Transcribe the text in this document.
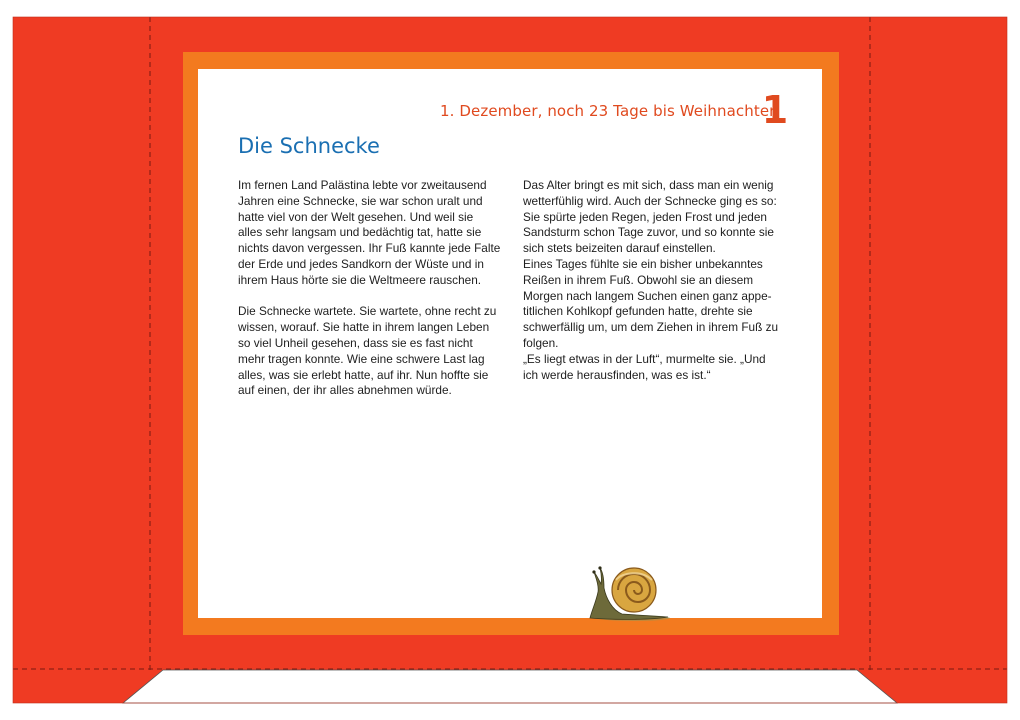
1. Dezember, noch 23 Tage bis Weihnachten
1
Die Schnecke

Im fernen Land Palästina lebte vor zweitausend
Jahren eine Schnecke, sie war schon uralt und
hatte viel von der Welt gesehen. Und weil sie
alles sehr langsam und bedächtig tat, hatte sie
nichts davon vergessen. Ihr Fuß kannte jede Falte
der Erde und jedes Sandkorn der Wüste und in
ihrem Haus hörte sie die Weltmeere rauschen.

Die Schnecke wartete. Sie wartete, ohne recht zu
wissen, worauf. Sie hatte in ihrem langen Leben
so viel Unheil gesehen, dass sie es fast nicht
mehr tragen konnte. Wie eine schwere Last lag
alles, was sie erlebt hatte, auf ihr. Nun hoffte sie
auf einen, der ihr alles abnehmen würde.

Das Alter bringt es mit sich, dass man ein wenig
wetterfühlig wird. Auch der Schnecke ging es so:
Sie spürte jeden Regen, jeden Frost und jeden
Sandsturm schon Tage zuvor, und so konnte sie
sich stets beizeiten darauf einstellen.

Eines Tages fühlte sie ein bisher unbekanntes
Reißen in ihrem Fuß. Obwohl sie an diesem
Morgen nach langem Suchen einen ganz appe-
titlichen Kohlkopf gefunden hatte, drehte sie
schwerfällig um, um dem Ziehen in ihrem Fuß zu
folgen.

„Es liegt etwas in der Luft“, murmelte sie. „Und
ich werde herausfinden, was es ist.“
